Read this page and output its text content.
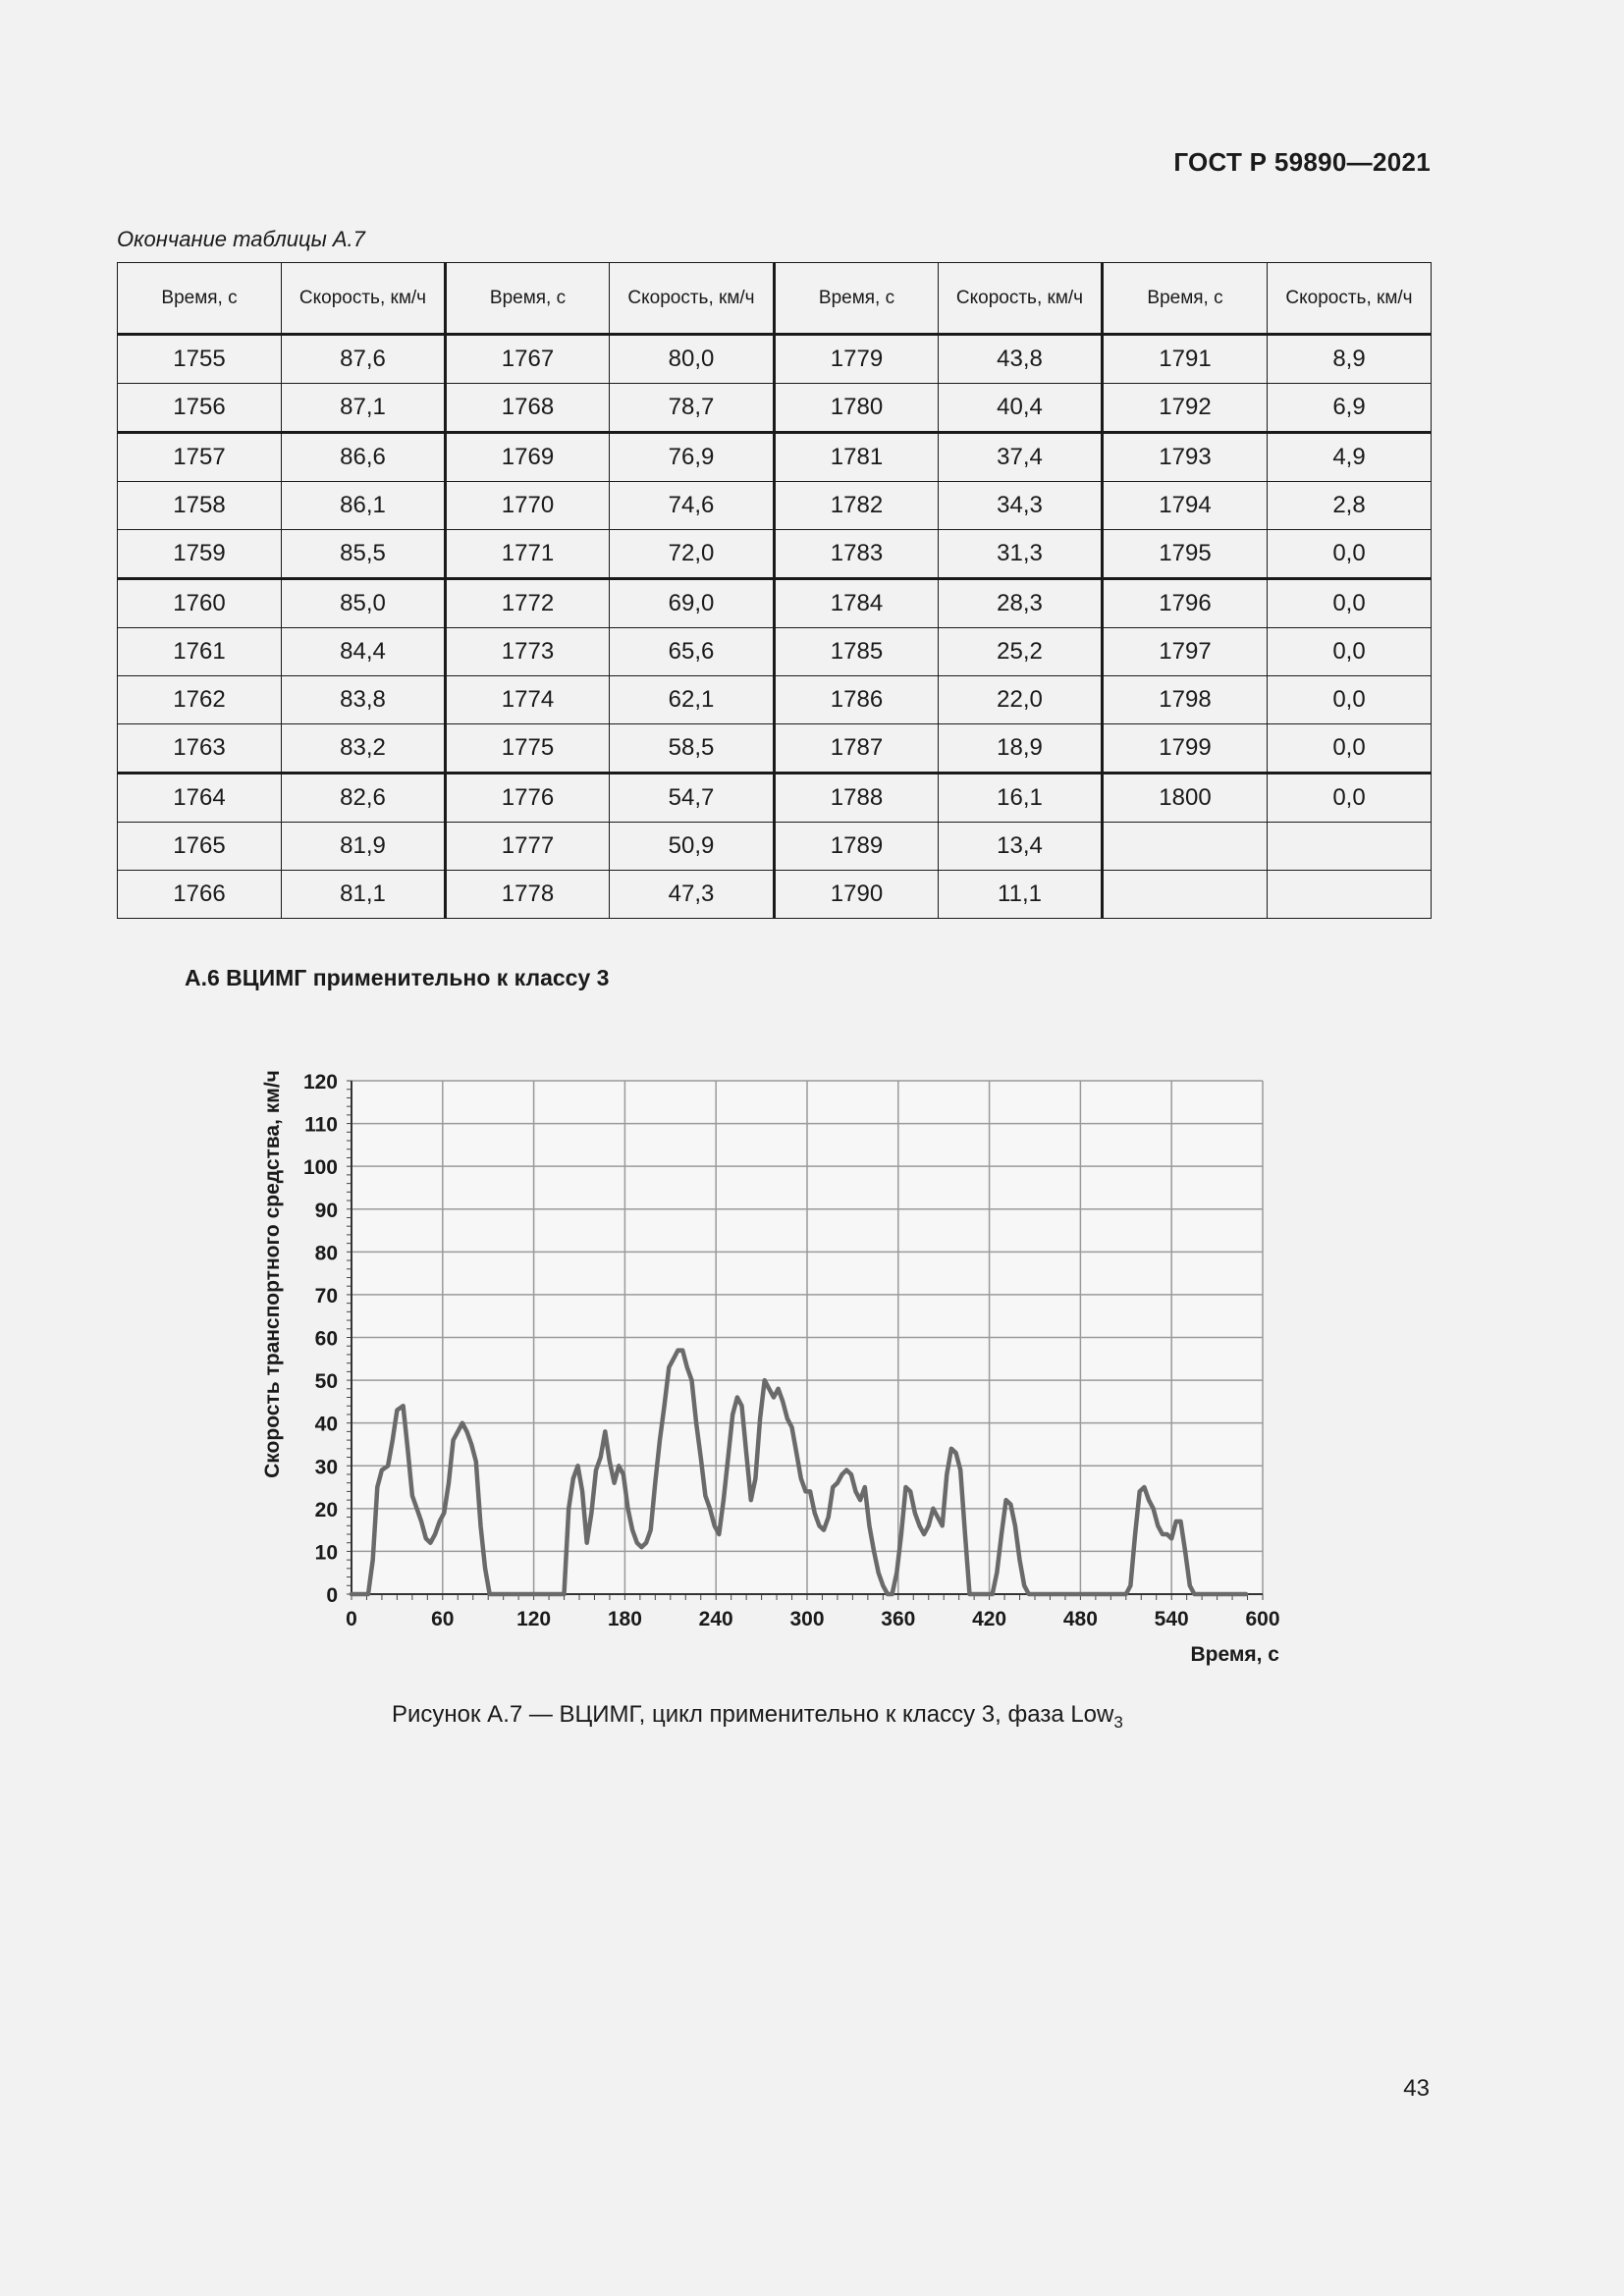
ГОСТ Р 59890—2021
Окончание таблицы А.7
Время, с	Скорость, км/ч	Время, с	Скорость, км/ч	Время, с	Скорость, км/ч	Время, с	Скорость, км/ч
1755	87,6	1767	80,0	1779	43,8	1791	8,9
1756	87,1	1768	78,7	1780	40,4	1792	6,9
1757	86,6	1769	76,9	1781	37,4	1793	4,9
1758	86,1	1770	74,6	1782	34,3	1794	2,8
1759	85,5	1771	72,0	1783	31,3	1795	0,0
1760	85,0	1772	69,0	1784	28,3	1796	0,0
1761	84,4	1773	65,6	1785	25,2	1797	0,0
1762	83,8	1774	62,1	1786	22,0	1798	0,0
1763	83,2	1775	58,5	1787	18,9	1799	0,0
1764	82,6	1776	54,7	1788	16,1	1800	0,0
1765	81,9	1777	50,9	1789	13,4		
1766	81,1	1778	47,3	1790	11,1		
А.6 ВЦИМГ применительно к классу 3
0
10
20
30
40
50
60
70
80
90
100
110
120
0	60	120	180	240	300	360	420	480	540	600
Время, с
Скорость транспортного средства, км/ч
Рисунок А.7 — ВЦИМГ, цикл применительно к классу 3, фаза Low$_3$
43
